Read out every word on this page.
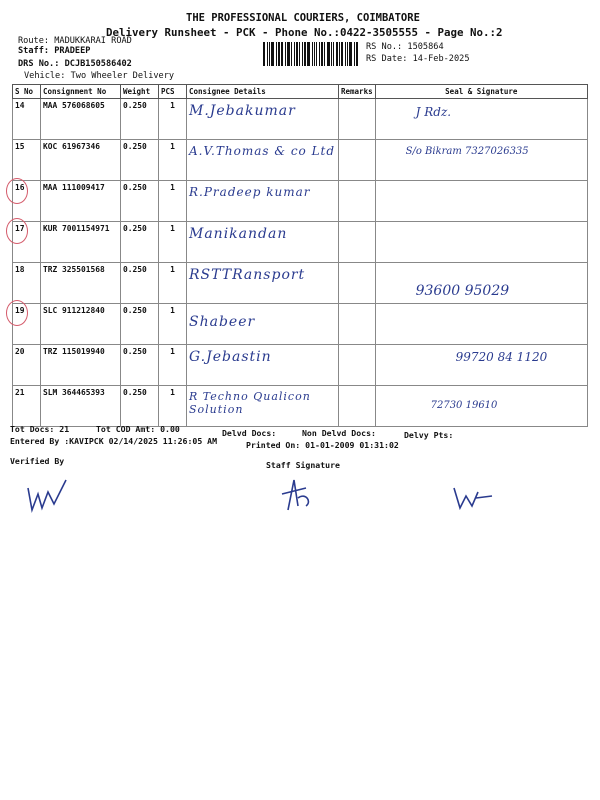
THE PROFESSIONAL COURIERS, COIMBATORE
Delivery Runsheet - PCK - Phone No.:0422-3505555 - Page No.:2
Route: MADUKKARAI ROAD
Staff: PRADEEP
DRS No.: DCJB150586402
Vehicle: Two Wheeler Delivery
RS No.: 1505864
RS Date: 14-Feb-2025
S No	Consignment No	Weight	PCS	Consignee Details	Remarks	Seal & Signature
14	MAA 576068605	0.250	1	M.Jebakumar		J Rdz.
15	KOC 61967346	0.250	1	A.V.Thomas & co Ltd		S/o Bikram 7327026335
16	MAA 111009417	0.250	1	R.Pradeep kumar		
17	KUR 7001154971	0.250	1	Manikandan		
18	TRZ 325501568	0.250	1	RSTTRansport		93600 95029
19	SLC 911212840	0.250	1	Shabeer		
20	TRZ 115019940	0.250	1	G.Jebastin		99720 84 1120
21	SLM 364465393	0.250	1	R Techno Qualicon Solution		72730 19610
Tot Docs: 21	Tot COD Amt: 0.00	Delvd Docs:	Non Delvd Docs:	Delvy Pts:
Entered By :KAVIPCK 02/14/2025 11:26:05 AM	Printed On: 01-01-2009 01:31:02
Verified By	Staff Signature
